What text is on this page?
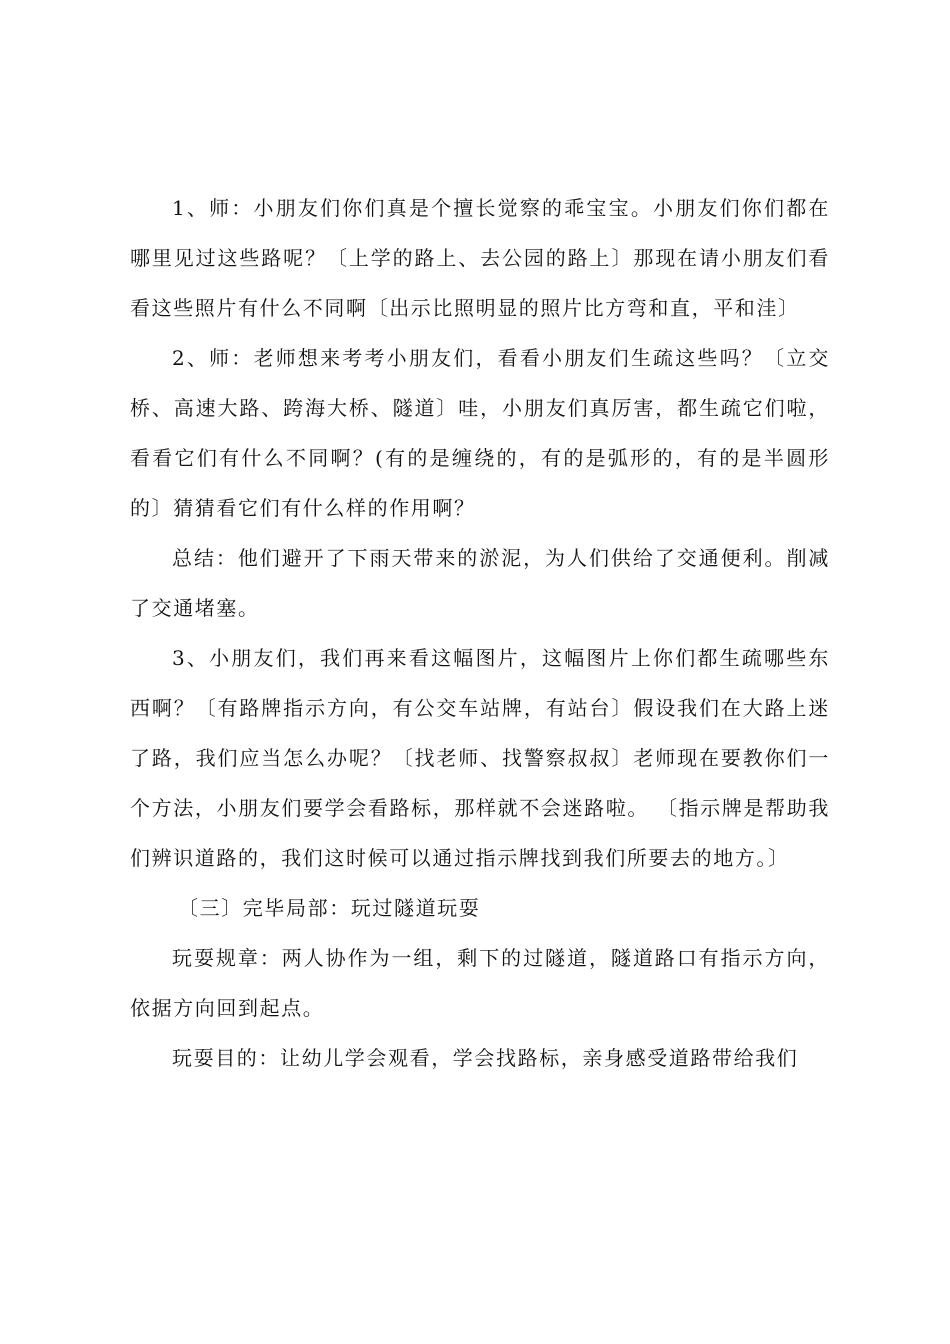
1、师：小朋友们你们真是个擅长觉察的乖宝宝。小朋友们你们都在哪里见过这些路呢？〔上学的路上、去公园的路上〕那现在请小朋友们看看这些照片有什么不同啊〔出示比照明显的照片比方弯和直，平和洼〕

2、师：老师想来考考小朋友们，看看小朋友们生疏这些吗？〔立交桥、高速大路、跨海大桥、隧道〕哇，小朋友们真厉害，都生疏它们啦，看看它们有什么不同啊？(有的是缠绕的，有的是弧形的，有的是半圆形的〕猜猜看它们有什么样的作用啊？

总结：他们避开了下雨天带来的淤泥，为人们供给了交通便利。削减了交通堵塞。

3、小朋友们，我们再来看这幅图片，这幅图片上你们都生疏哪些东西啊？〔有路牌指示方向，有公交车站牌，有站台〕假设我们在大路上迷了路，我们应当怎么办呢？〔找老师、找警察叔叔〕老师现在要教你们一个方法，小朋友们要学会看路标，那样就不会迷路啦。 〔指示牌是帮助我们辨识道路的，我们这时候可以通过指示牌找到我们所要去的地方。〕

〔三〕完毕局部：玩过隧道玩耍

玩耍规章：两人协作为一组，剩下的过隧道，隧道路口有指示方向，依据方向回到起点。

玩耍目的：让幼儿学会观看，学会找路标，亲身感受道路带给我们
